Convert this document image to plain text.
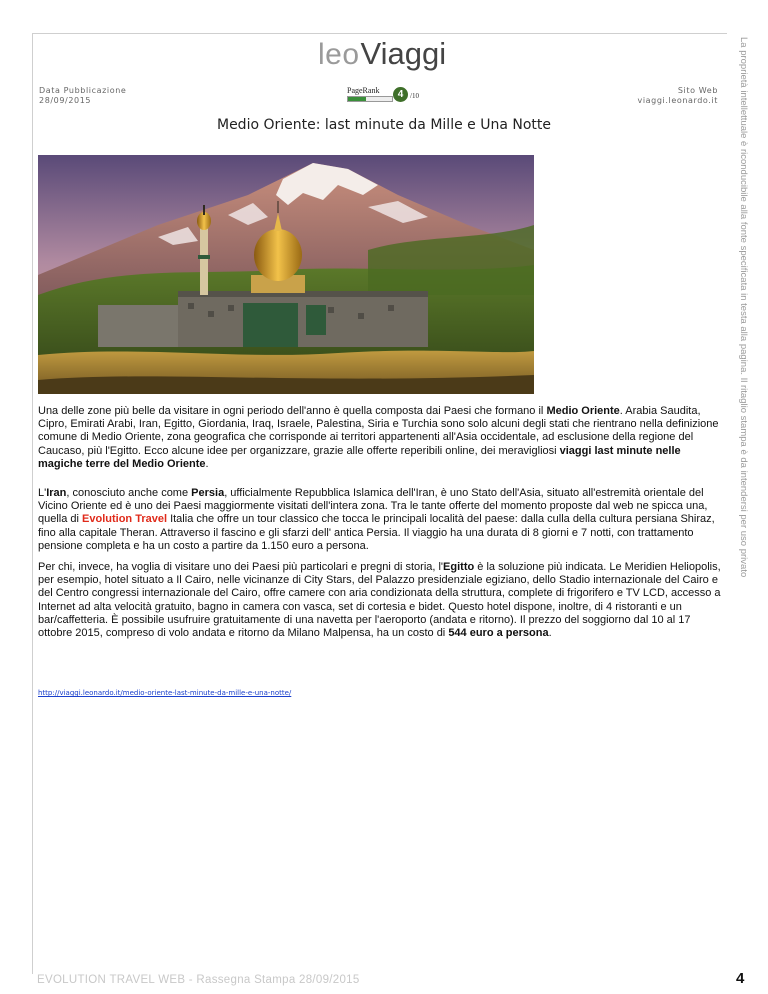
leo Viaggi
Data Pubblicazione
28/09/2015
PageRank	4 /10
Sito Web
viaggi.leonardo.it
Medio Oriente: last minute da Mille e Una Notte
Una delle zone più belle da visitare in ogni periodo dell'anno è quella composta dai Paesi che formano il Medio Oriente. Arabia Saudita, Cipro, Emirati Arabi, Iran, Egitto, Giordania, Iraq, Israele, Palestina, Siria e Turchia sono solo alcuni degli stati che rientrano nella definizione comune di Medio Oriente, zona geografica che corrisponde ai territori appartenenti all'Asia occidentale, ad esclusione della regione del Caucaso, più l'Egitto. Ecco alcune idee per organizzare, grazie alle offerte reperibili online, dei meravigliosi viaggi last minute nelle magiche terre del Medio Oriente.
L'Iran, conosciuto anche come Persia, ufficialmente Repubblica Islamica dell'Iran, è uno Stato dell'Asia, situato all'estremità orientale del Vicino Oriente ed è uno dei Paesi maggiormente visitati dell'intera zona. Tra le tante offerte del momento proposte dal web ne spicca una, quella di Evolution Travel Italia che offre un tour classico che tocca le principali località del paese: dalla culla della cultura persiana Shiraz, fino alla capitale Theran. Attraverso il fascino e gli sfarzi dell' antica Persia. Il viaggio ha una durata di 8 giorni e 7 notti, con trattamento pensione completa e ha un costo a partire da 1.150 euro a persona.
Per chi, invece, ha voglia di visitare uno dei Paesi più particolari e pregni di storia, l'Egitto è la soluzione più indicata. Le Meridien Heliopolis, per esempio, hotel situato a Il Cairo, nelle vicinanze di City Stars, del Palazzo presidenziale egiziano, dello Stadio internazionale del Cairo e del Centro congressi internazionale del Cairo, offre camere con aria condizionata della struttura, complete di frigorifero e TV LCD, accesso a Internet ad alta velocità gratuito, bagno in camera con vasca, set di cortesia e bidet. Questo hotel dispone, inoltre, di 4 ristoranti e un bar/caffetteria. È possibile usufruire gratuitamente di una navetta per l'aeroporto (andata e ritorno). Il prezzo del soggiorno dal 10 al 17 ottobre 2015, compreso di volo andata e ritorno da Milano Malpensa, ha un costo di 544 euro a persona.
http://viaggi.leonardo.it/medio-oriente-last-minute-da-mille-e-una-notte/
La proprietà intellettuale è riconducibile alla fonte specificata in testa alla pagina. Il ritaglio stampa è da intendersi per uso privato
EVOLUTION TRAVEL WEB - Rassegna Stampa 28/09/2015	4
